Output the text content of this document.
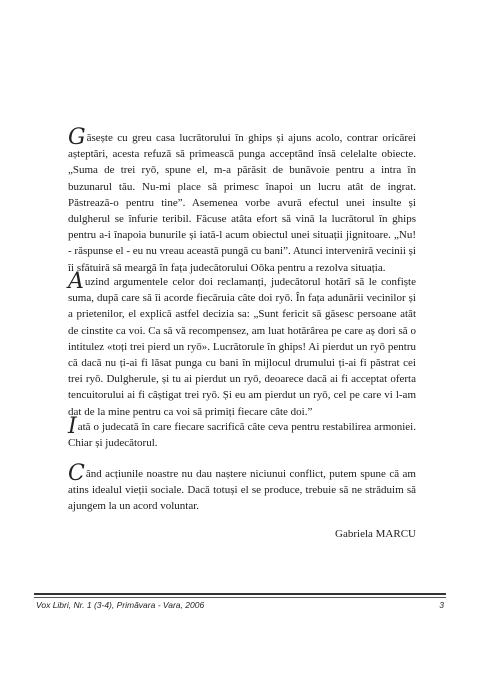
Găsește cu greu casa lucrătorului în ghips și ajuns acolo, contrar oricărei așteptări, acesta refuză să primească punga acceptând însă celelalte obiecte. „Suma de trei ryō, spune el, m-a părăsit de bunăvoie pentru a intra în buzunarul tău. Nu-mi place să primesc înapoi un lucru atât de ingrat. Păstrează-o pentru tine”. Asemenea vorbe avură efectul unei insulte și dulgherul se înfurie teribil. Făcuse atâta efort să vină la lucrătorul în ghips pentru a-i înapoia bunurile și iată-l acum obiectul unei situații jignitoare. „Nu! - răspunse el - eu nu vreau această pungă cu bani”. Atunci interveniră vecinii și îi sfătuiră să meargă în fața judecătorului Oōka pentru a rezolva situația.

Auzind argumentele celor doi reclamanți, judecătorul hotărî să le confiște suma, după care să îi acorde fiecăruia câte doi ryō. În fața adunării vecinilor și a prietenilor, el explică astfel decizia sa: „Sunt fericit să găsesc persoane atât de cinstite ca voi. Ca să vă recompensez, am luat hotărârea pe care aș dori să o intitulez «toți trei pierd un ryō». Lucrătorule în ghips! Ai pierdut un ryō pentru că dacă nu ți-ai fi lăsat punga cu bani în mijlocul drumului ți-ai fi păstrat cei trei ryō. Dulgherule, și tu ai pierdut un ryō, deoarece dacă ai fi acceptat oferta tencuitorului ai fi câștigat trei ryō. Și eu am pierdut un ryō, cel pe care vi l-am dat de la mine pentru ca voi să primiți fiecare câte doi.”

Iată o judecată în care fiecare sacrifică câte ceva pentru restabilirea armoniei. Chiar și judecătorul.

Când acțiunile noastre nu dau naștere niciunui conflict, putem spune că am atins idealul vieții sociale. Dacă totuși el se produce, trebuie să ne străduim să ajungem la un acord voluntar.

Gabriela MARCU

Vox Libri, Nr. 1 (3-4), Primăvara - Vara, 2006	3
